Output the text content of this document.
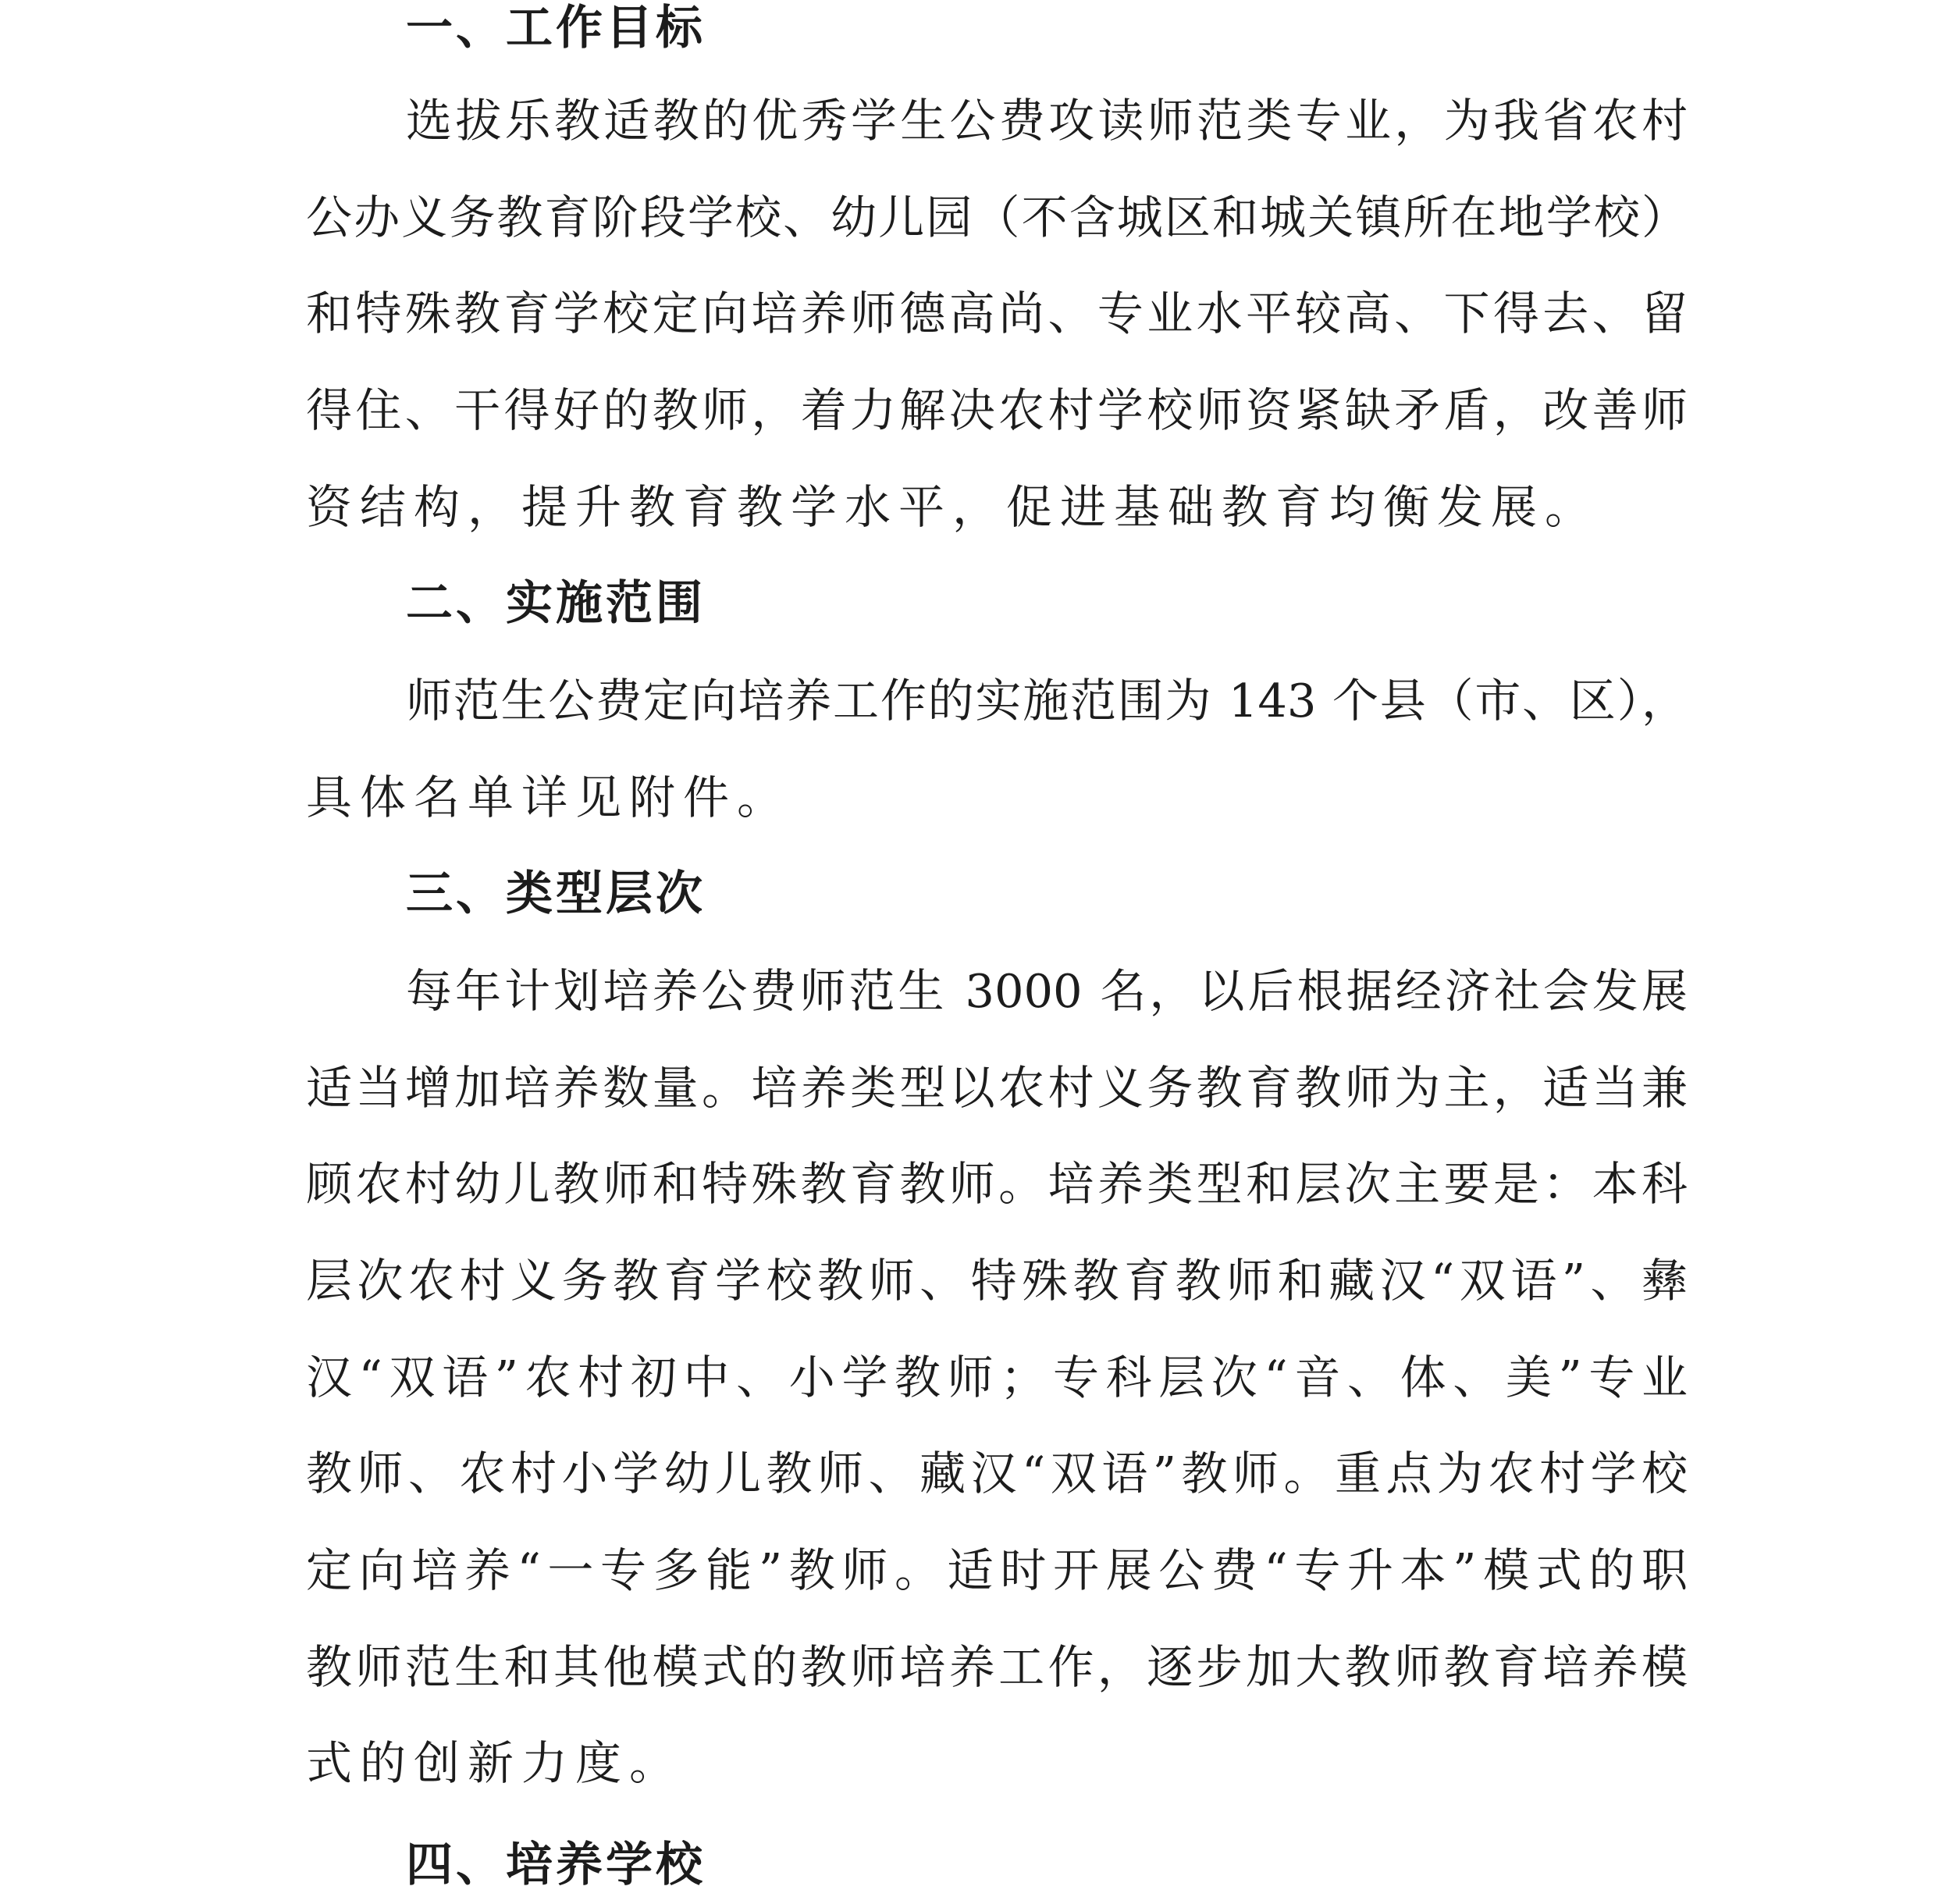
一、工作目标
选拔乐教适教的优秀学生公费攻读师范类专业，为我省农村
公办义务教育阶段学校、幼儿园（不含城区和城关镇所在地学校）
和特殊教育学校定向培养师德高尚、专业水平较高、下得去、留
得住、干得好的教师，着力解决农村学校师资紧缺矛盾，改善师
资结构，提升教育教学水平，促进基础教育均衡发展。
二、实施范围
师范生公费定向培养工作的实施范围为 143 个县（市、区），
具体名单详见附件。
三、类型层次
每年计划培养公费师范生 3000 名，以后根据经济社会发展
适当增加培养数量。培养类型以农村义务教育教师为主，适当兼
顾农村幼儿教师和特殊教育教师。培养类型和层次主要是：本科
层次农村义务教育学校教师、特殊教育教师和藏汉“双语”、彝
汉“双语”农村初中、小学教师；专科层次“音、体、美”专业
教师、农村小学幼儿教师、藏汉“双语”教师。重点为农村学校
定向培养“一专多能”教师。适时开展公费“专升本”模式的职
教师范生和其他模式的教师培养工作，逐步加大教师教育培养模
式的创新力度。
四、培养学校
